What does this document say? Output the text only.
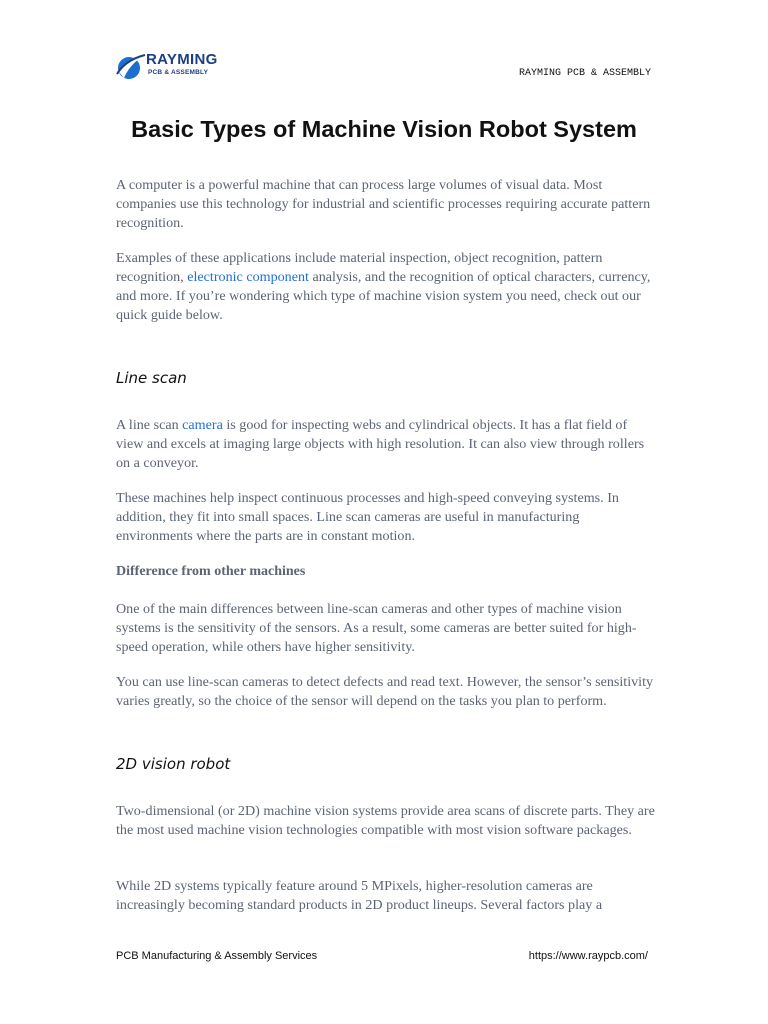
RAYMING
PCB & ASSEMBLY	RAYMING PCB & ASSEMBLY
Basic Types of Machine Vision Robot System
A computer is a powerful machine that can process large volumes of visual data. Most companies use this technology for industrial and scientific processes requiring accurate pattern recognition.
Examples of these applications include material inspection, object recognition, pattern recognition, electronic component analysis, and the recognition of optical characters, currency, and more. If you’re wondering which type of machine vision system you need, check out our quick guide below.
Line scan
A line scan camera is good for inspecting webs and cylindrical objects. It has a flat field of view and excels at imaging large objects with high resolution. It can also view through rollers on a conveyor.
These machines help inspect continuous processes and high-speed conveying systems. In addition, they fit into small spaces. Line scan cameras are useful in manufacturing environments where the parts are in constant motion.
Difference from other machines
One of the main differences between line-scan cameras and other types of machine vision systems is the sensitivity of the sensors. As a result, some cameras are better suited for high-speed operation, while others have higher sensitivity.
You can use line-scan cameras to detect defects and read text. However, the sensor’s sensitivity varies greatly, so the choice of the sensor will depend on the tasks you plan to perform.
2D vision robot
Two-dimensional (or 2D) machine vision systems provide area scans of discrete parts. They are the most used machine vision technologies compatible with most vision software packages.
While 2D systems typically feature around 5 MPixels, higher-resolution cameras are increasingly becoming standard products in 2D product lineups. Several factors play a
PCB Manufacturing & Assembly Services	https://www.raypcb.com/
